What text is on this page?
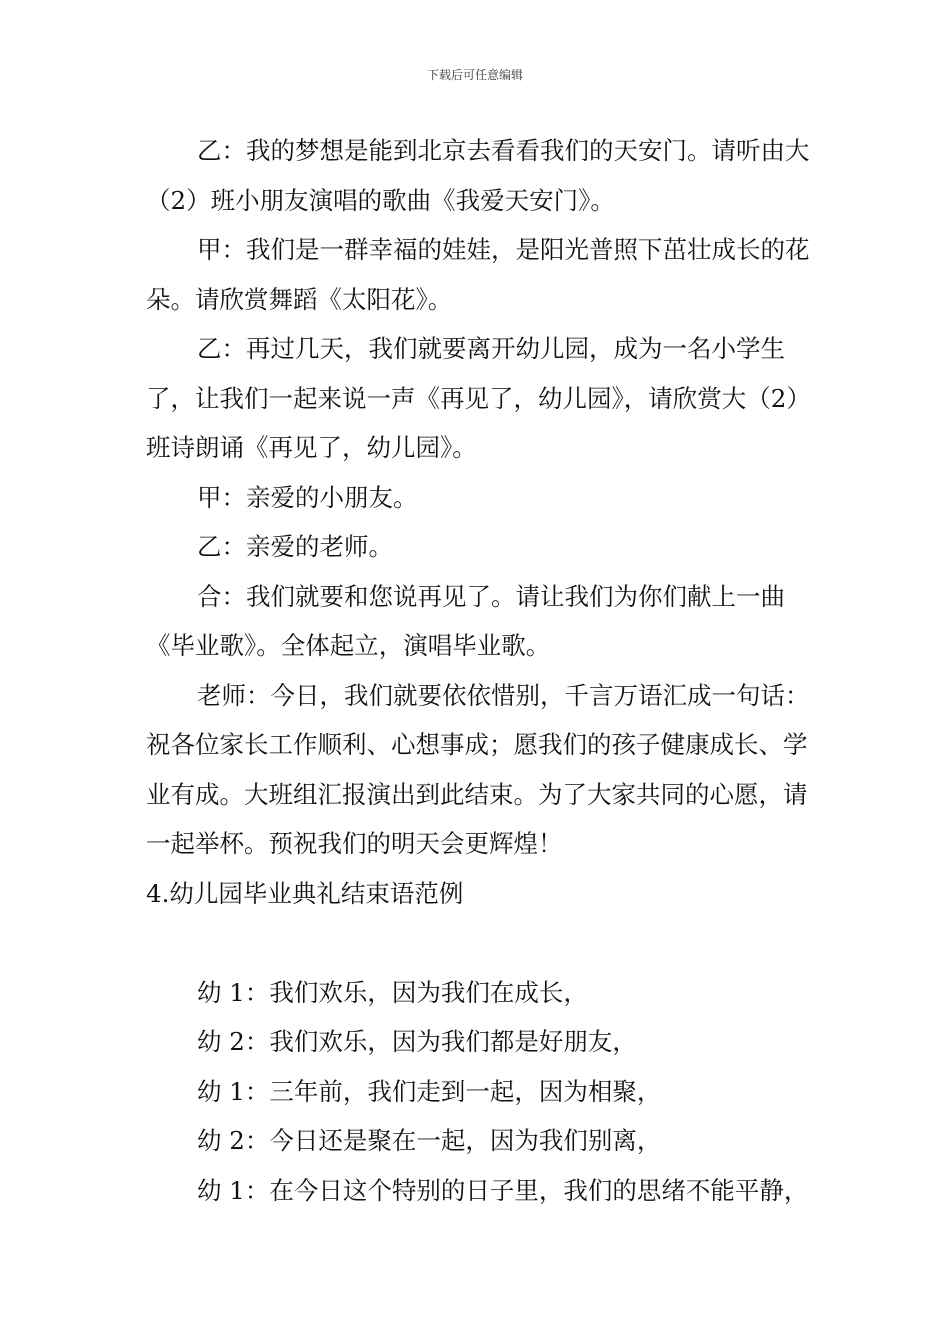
下载后可任意编辑

乙：我的梦想是能到北京去看看我们的天安门。请听由大（2）班小朋友演唱的歌曲《我爱天安门》。

甲：我们是一群幸福的娃娃，是阳光普照下茁壮成长的花朵。请欣赏舞蹈《太阳花》。

乙：再过几天，我们就要离开幼儿园，成为一名小学生了，让我们一起来说一声《再见了，幼儿园》，请欣赏大（2）班诗朗诵《再见了，幼儿园》。

甲：亲爱的小朋友。

乙：亲爱的老师。

合：我们就要和您说再见了。请让我们为你们献上一曲《毕业歌》。全体起立，演唱毕业歌。

老师：今日，我们就要依依惜别，千言万语汇成一句话：祝各位家长工作顺利、心想事成；愿我们的孩子健康成长、学业有成。大班组汇报演出到此结束。为了大家共同的心愿，请一起举杯。预祝我们的明天会更辉煌！

4.幼儿园毕业典礼结束语范例

幼 1：我们欢乐，因为我们在成长，

幼 2：我们欢乐，因为我们都是好朋友，

幼 1：三年前，我们走到一起，因为相聚，

幼 2：今日还是聚在一起，因为我们别离，

幼 1：在今日这个特别的日子里，我们的思绪不能平静，
